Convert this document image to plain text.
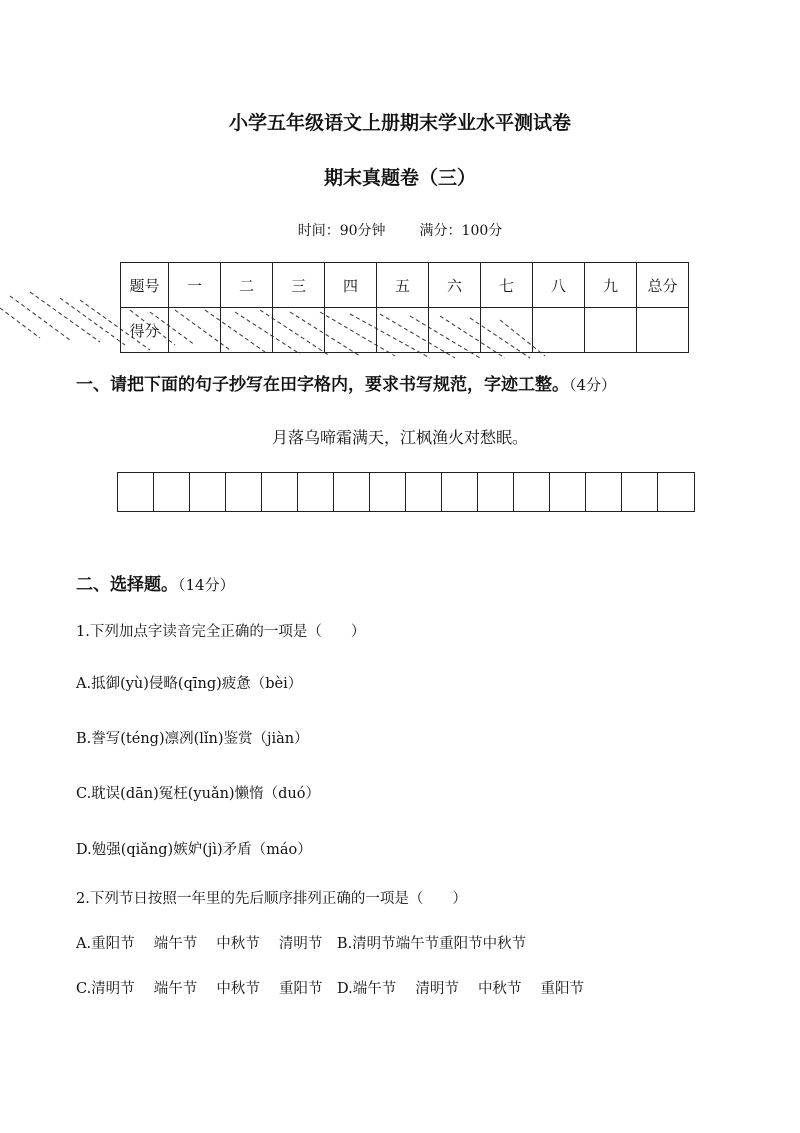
小学五年级语文上册期末学业水平测试卷
期末真题卷（三）
时间：90分钟 满分：100分
题号	一	二	三	四	五	六	七	八	九	总分
得分										
一、请把下面的句子抄写在田字格内，要求书写规范，字迹工整。（4分）
月落乌啼霜满天，江枫渔火对愁眠。
二、选择题。（14分）
1.下列加点字读音完全正确的一项是（　　）
A.抵御(yù)侵略(qīng)疲惫（bèi）
B.誊写(téng)凛冽(lǐn)鉴赏（jiàn）
C.耽误(dān)冤枉(yuǎn)懒惰（duó）
D.勉强(qiǎng)嫉妒(jì)矛盾（máo）
2.下列节日按照一年里的先后顺序排列正确的一项是（　　）
A.重阳节　 端午节　 中秋节　 清明节　B.清明节端午节重阳节中秋节
C.清明节　 端午节　 中秋节　 重阳节　D.端午节　 清明节　 中秋节　 重阳节
